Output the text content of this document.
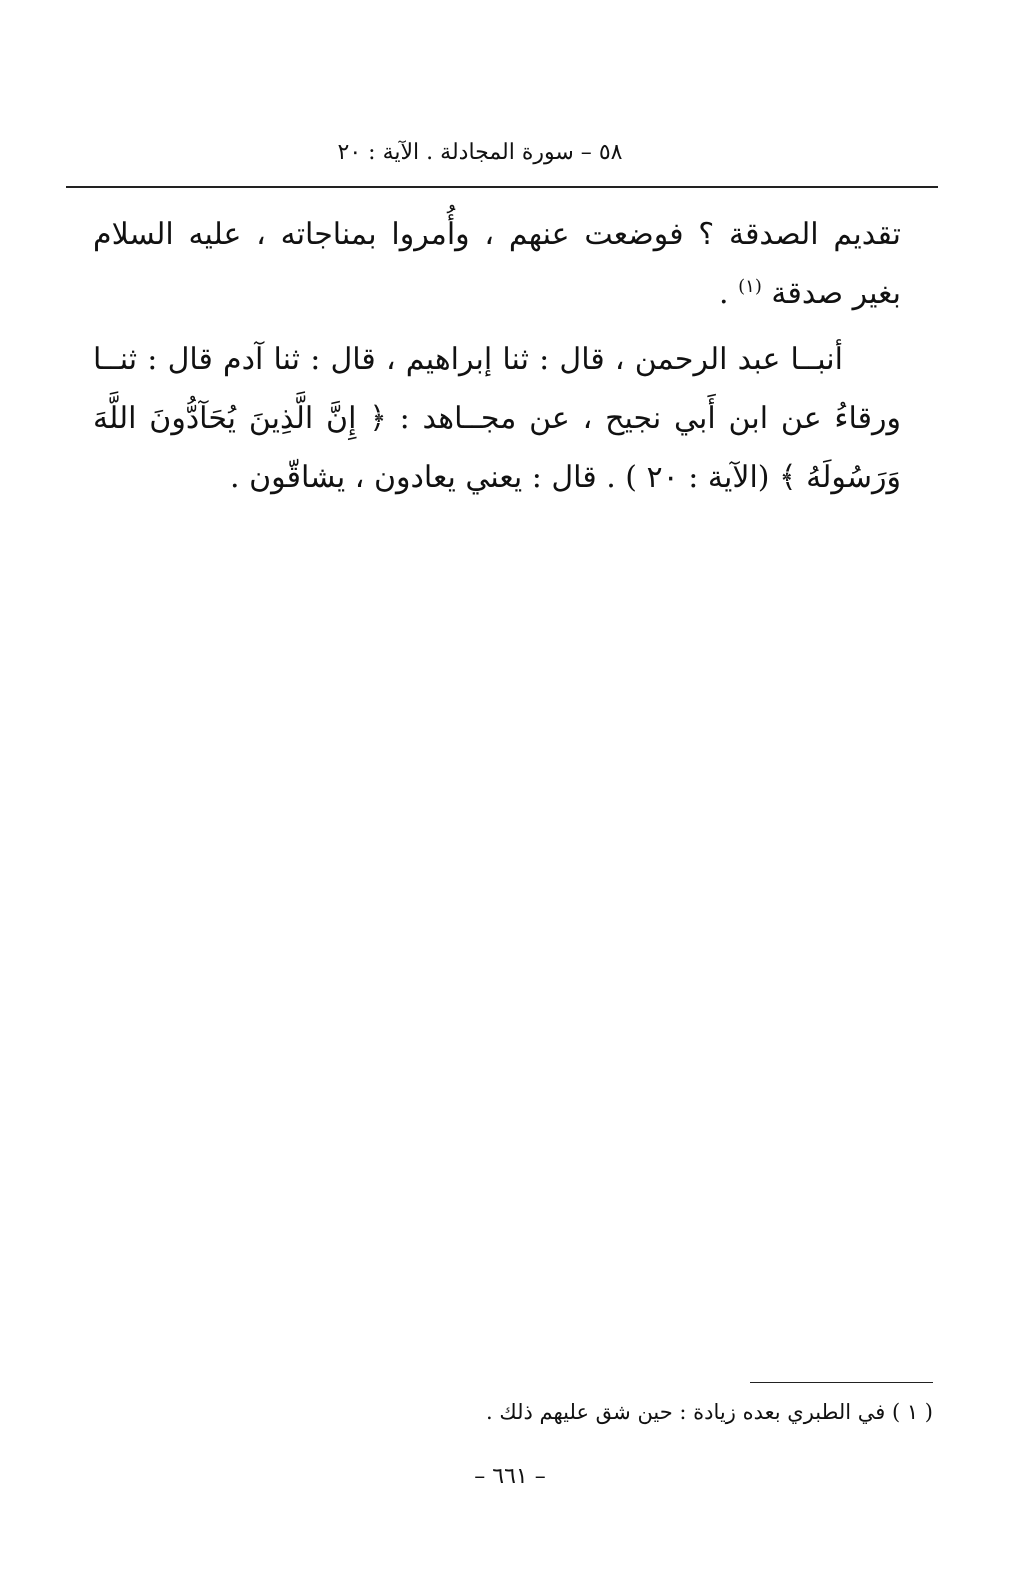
٥٨ – سورة المجادلة . الآية : ٢٠

تقديم الصدقة ؟ فوضعت عنهم ، وأُمروا بمناجاته ، عليه السلام بغير صدقة $^{(١)}$ .

أنبــا عبد الرحمن ، قال : ثنا إبراهيم ، قال : ثنا آدم قال : ثنــا ورقاءُ عن ابن أَبي نجيح ، عن مجــاهد : ﴿ إِنَّ الَّذِينَ يُحَآدُّونَ اللَّهَ وَرَسُولَهُ ﴾ (الآية : ٢٠ ) . قال : يعني يعادون ، يشاقّون .

( ١ ) في الطبري بعده زيادة : حين شق عليهم ذلك .
– ٦٦١ –
